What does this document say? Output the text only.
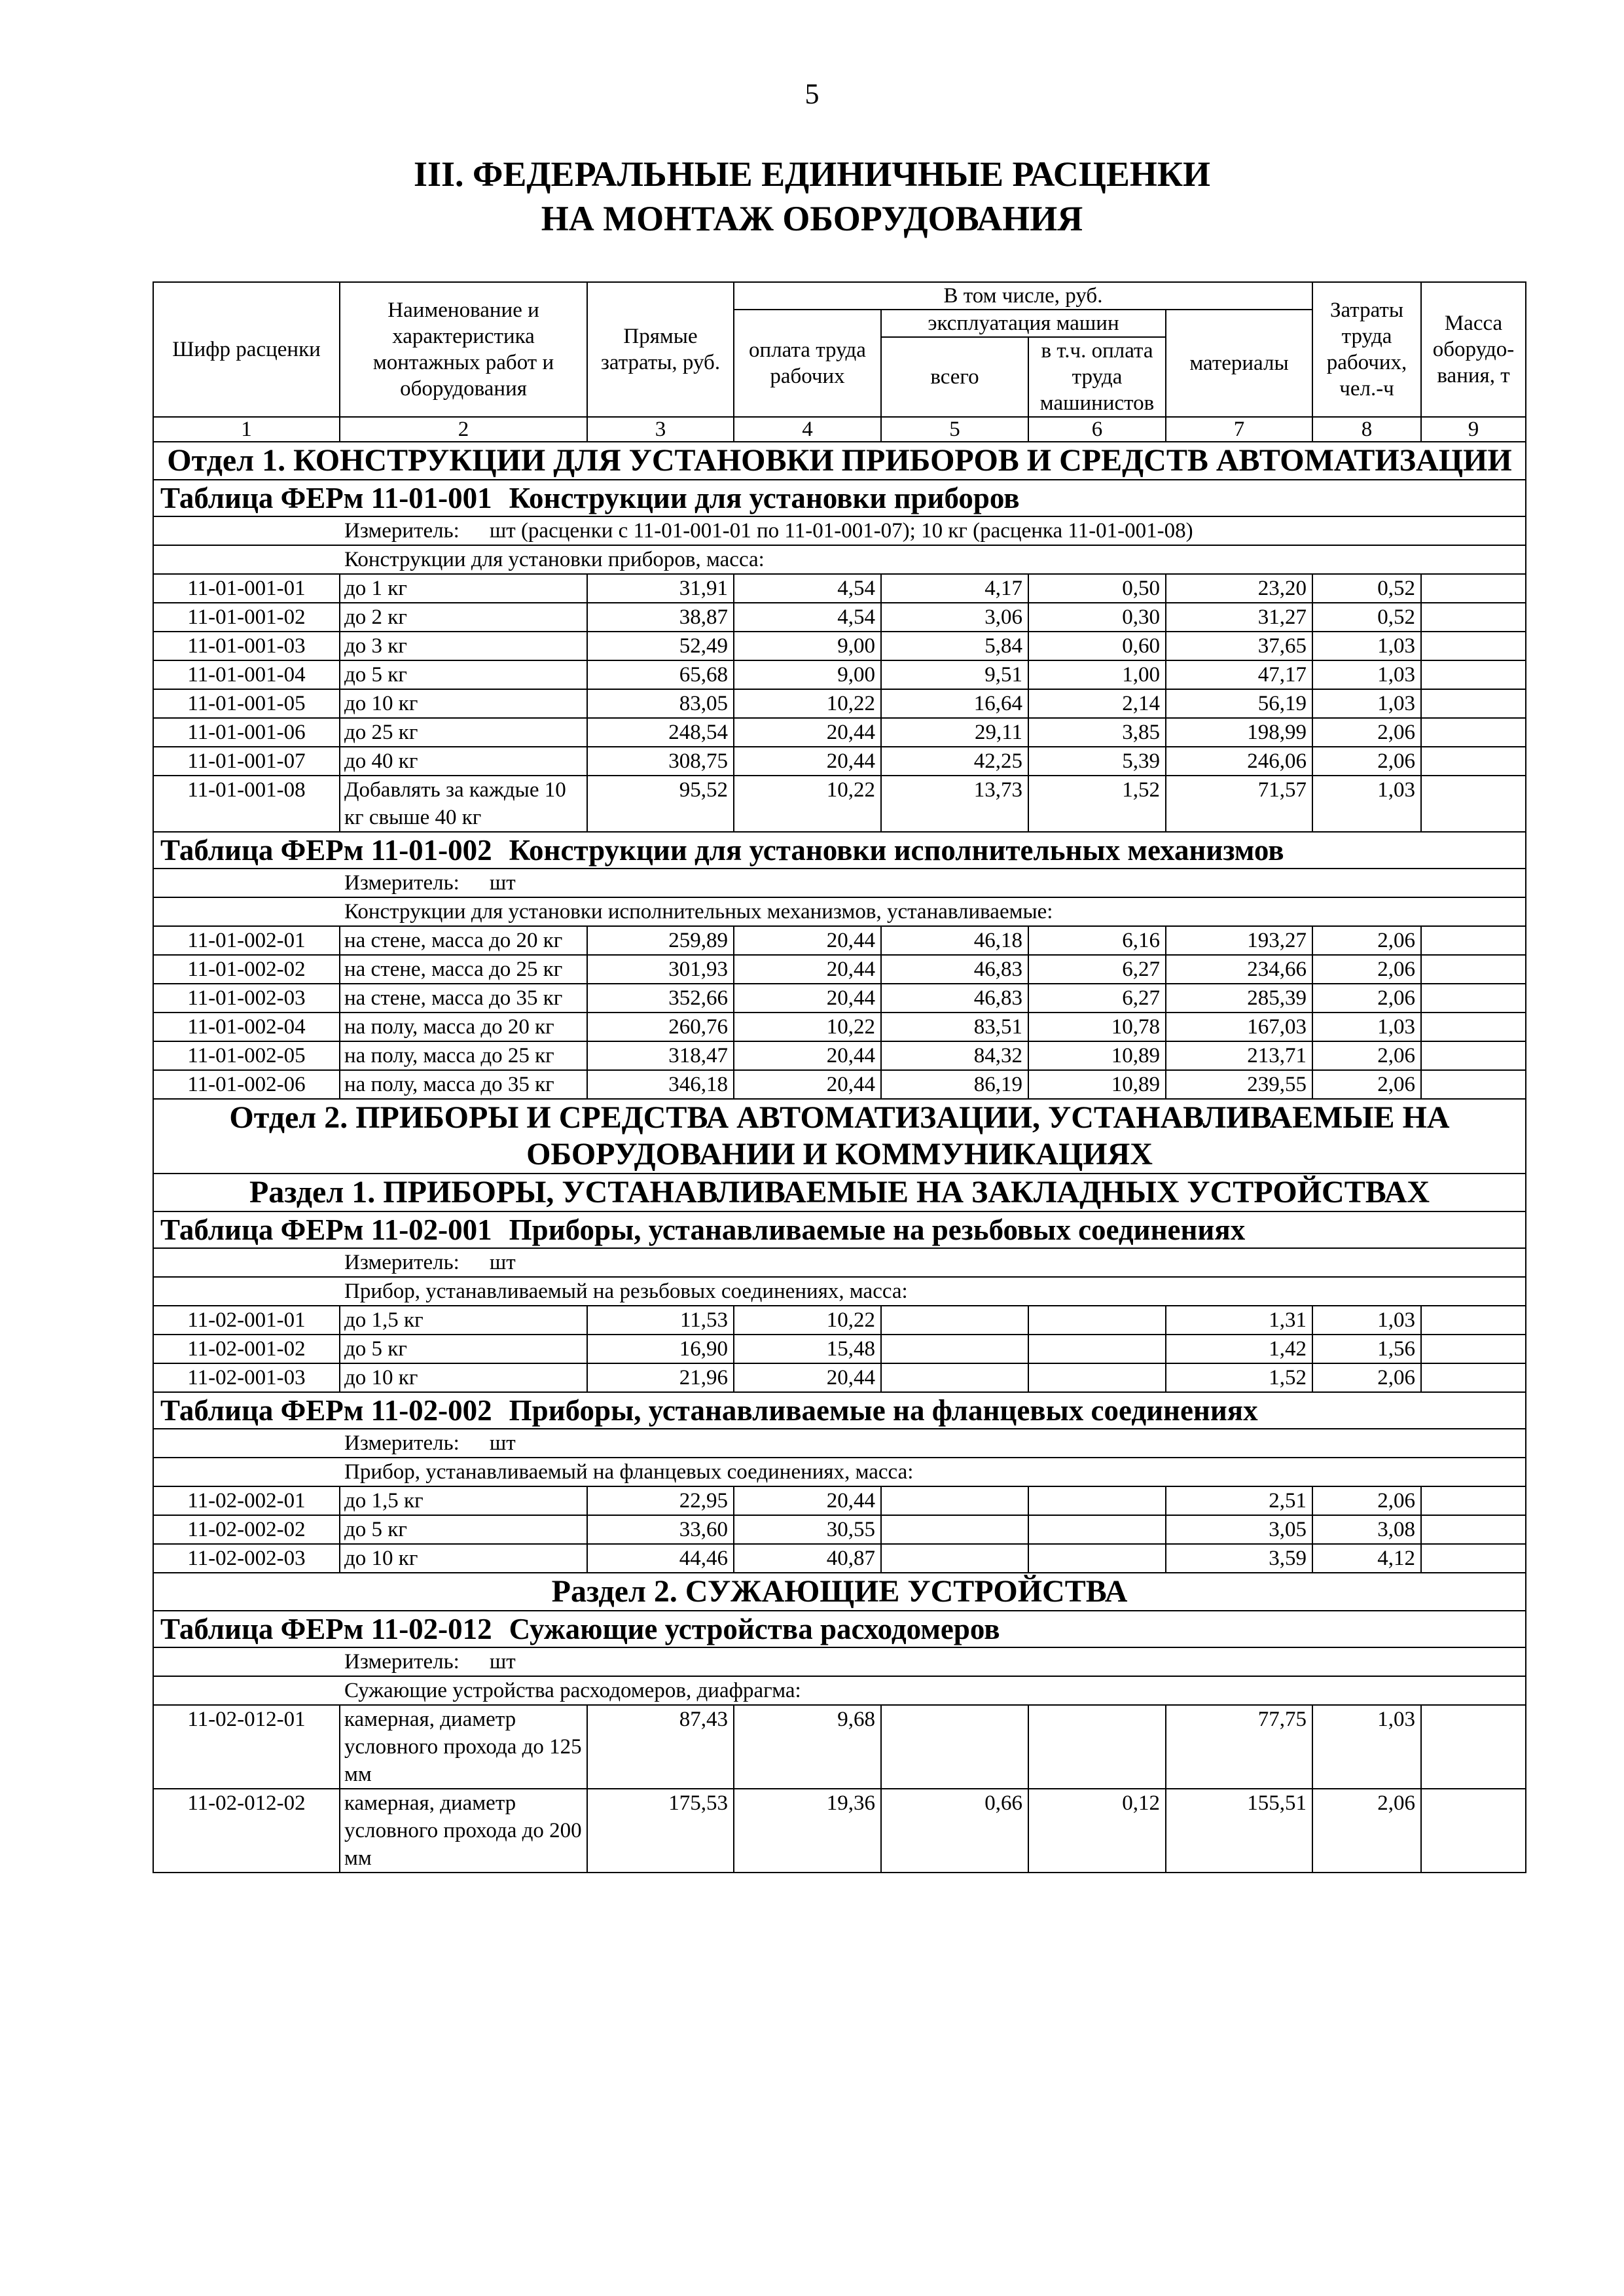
5
III. ФЕДЕРАЛЬНЫЕ ЕДИНИЧНЫЕ РАСЦЕНКИ
НА МОНТАЖ ОБОРУДОВАНИЯ
Шифр расценки	Наименование и характеристика монтажных работ и оборудования	Прямые затраты, руб.	В том числе, руб.				Затраты труда рабочих, чел.-ч	Масса оборудо-вания, т
			оплата труда рабочих	эксплуатация машин		материалы		
				всего	в т.ч. оплата труда машинистов			
1	2	3	4	5	6	7	8	9
Отдел 1. КОНСТРУКЦИИ ДЛЯ УСТАНОВКИ ПРИБОРОВ И СРЕДСТВ АВТОМАТИЗАЦИИ								
Таблица ФЕРм 11-01-001 Конструкции для установки приборов								
Измеритель: шт (расценки с 11-01-001-01 по 11-01-001-07); 10 кг (расценка 11-01-001-08)								
Конструкции для установки приборов, масса:								
11-01-001-01	до 1 кг	31,91	4,54	4,17	0,50	23,20	0,52	
11-01-001-02	до 2 кг	38,87	4,54	3,06	0,30	31,27	0,52	
11-01-001-03	до 3 кг	52,49	9,00	5,84	0,60	37,65	1,03	
11-01-001-04	до 5 кг	65,68	9,00	9,51	1,00	47,17	1,03	
11-01-001-05	до 10 кг	83,05	10,22	16,64	2,14	56,19	1,03	
11-01-001-06	до 25 кг	248,54	20,44	29,11	3,85	198,99	2,06	
11-01-001-07	до 40 кг	308,75	20,44	42,25	5,39	246,06	2,06	
11-01-001-08	Добавлять за каждые 10 кг свыше 40 кг	95,52	10,22	13,73	1,52	71,57	1,03	
Таблица ФЕРм 11-01-002 Конструкции для установки исполнительных механизмов								
Измеритель: шт								
Конструкции для установки исполнительных механизмов, устанавливаемые:								
11-01-002-01	на стене, масса до 20 кг	259,89	20,44	46,18	6,16	193,27	2,06	
11-01-002-02	на стене, масса до 25 кг	301,93	20,44	46,83	6,27	234,66	2,06	
11-01-002-03	на стене, масса до 35 кг	352,66	20,44	46,83	6,27	285,39	2,06	
11-01-002-04	на полу, масса до 20 кг	260,76	10,22	83,51	10,78	167,03	1,03	
11-01-002-05	на полу, масса до 25 кг	318,47	20,44	84,32	10,89	213,71	2,06	
11-01-002-06	на полу, масса до 35 кг	346,18	20,44	86,19	10,89	239,55	2,06	
Отдел 2. ПРИБОРЫ И СРЕДСТВА АВТОМАТИЗАЦИИ, УСТАНАВЛИВАЕМЫЕ НА ОБОРУДОВАНИИ И КОММУНИКАЦИЯХ								
Раздел 1. ПРИБОРЫ, УСТАНАВЛИВАЕМЫЕ НА ЗАКЛАДНЫХ УСТРОЙСТВАХ								
Таблица ФЕРм 11-02-001 Приборы, устанавливаемые на резьбовых соединениях								
Измеритель: шт								
Прибор, устанавливаемый на резьбовых соединениях, масса:								
11-02-001-01	до 1,5 кг	11,53	10,22			1,31	1,03	
11-02-001-02	до 5 кг	16,90	15,48			1,42	1,56	
11-02-001-03	до 10 кг	21,96	20,44			1,52	2,06	
Таблица ФЕРм 11-02-002 Приборы, устанавливаемые на фланцевых соединениях								
Измеритель: шт								
Прибор, устанавливаемый на фланцевых соединениях, масса:								
11-02-002-01	до 1,5 кг	22,95	20,44			2,51	2,06	
11-02-002-02	до 5 кг	33,60	30,55			3,05	3,08	
11-02-002-03	до 10 кг	44,46	40,87			3,59	4,12	
Раздел 2. СУЖАЮЩИЕ УСТРОЙСТВА								
Таблица ФЕРм 11-02-012 Сужающие устройства расходомеров								
Измеритель: шт								
Сужающие устройства расходомеров, диафрагма:								
11-02-012-01	камерная, диаметр условного прохода до 125 мм	87,43	9,68			77,75	1,03	
11-02-012-02	камерная, диаметр условного прохода до 200 мм	175,53	19,36	0,66	0,12	155,51	2,06	
